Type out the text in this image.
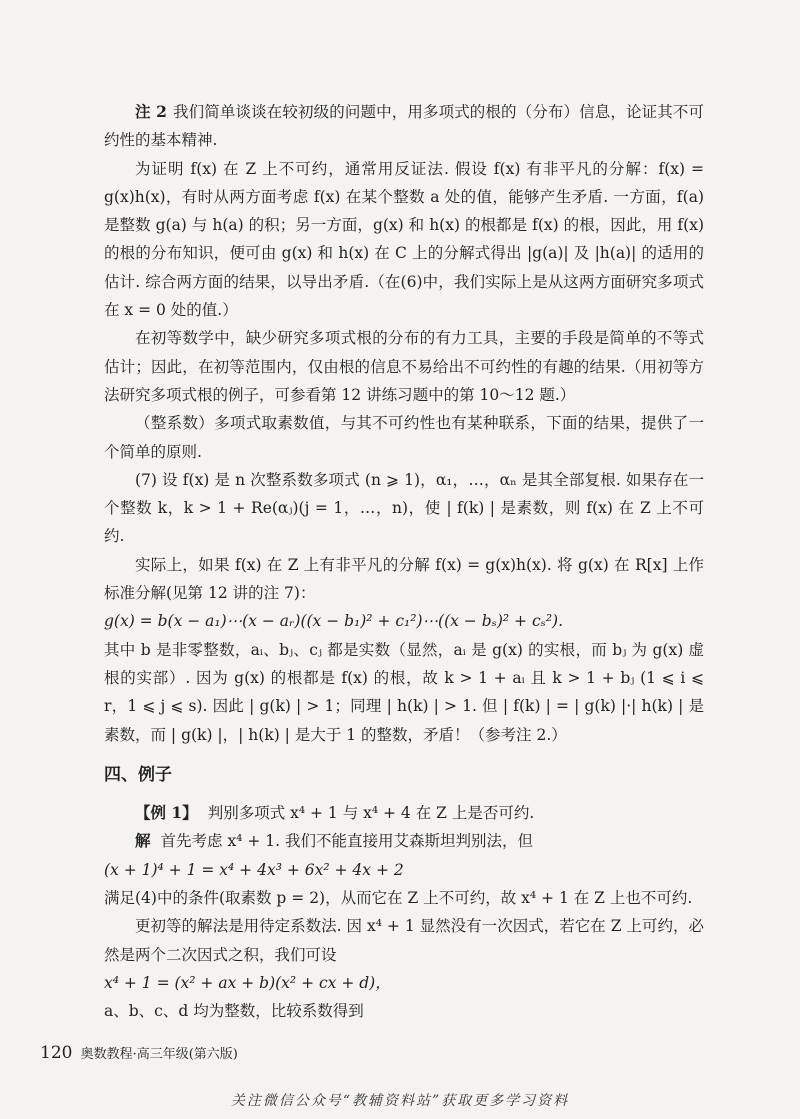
注 2 我们简单谈谈在较初级的问题中，用多项式的根的（分布）信息，论证其不可约性的基本精神.

为证明 f(x) 在 Z 上不可约，通常用反证法. 假设 f(x) 有非平凡的分解：f(x) = g(x)h(x)，有时从两方面考虑 f(x) 在某个整数 a 处的值，能够产生矛盾. 一方面，f(a) 是整数 g(a) 与 h(a) 的积；另一方面，g(x) 和 h(x) 的根都是 f(x) 的根，因此，用 f(x) 的根的分布知识，便可由 g(x) 和 h(x) 在 C 上的分解式得出 |g(a)| 及 |h(a)| 的适用的估计. 综合两方面的结果，以导出矛盾.（在(6)中，我们实际上是从这两方面研究多项式在 x = 0 处的值.）

在初等数学中，缺少研究多项式根的分布的有力工具，主要的手段是简单的不等式估计；因此，在初等范围内，仅由根的信息不易给出不可约性的有趣的结果.（用初等方法研究多项式根的例子，可参看第 12 讲练习题中的第 10～12 题.）

（整系数）多项式取素数值，与其不可约性也有某种联系，下面的结果，提供了一个简单的原则.

(7) 设 f(x) 是 n 次整系数多项式 (n ⩾ 1)，α₁，…，αₙ 是其全部复根. 如果存在一个整数 k，k > 1 + Re(αⱼ)(j = 1，…，n)，使 | f(k) | 是素数，则 f(x) 在 Z 上不可约.

实际上，如果 f(x) 在 Z 上有非平凡的分解 f(x) = g(x)h(x). 将 g(x) 在 R[x] 上作标准分解(见第 12 讲的注 7)：

g(x) = b(x − a₁)⋯(x − aᵣ)((x − b₁)² + c₁²)⋯((x − bₛ)² + cₛ²).

其中 b 是非零整数，aᵢ、bⱼ、cⱼ 都是实数（显然，aᵢ 是 g(x) 的实根，而 bⱼ 为 g(x) 虚根的实部）. 因为 g(x) 的根都是 f(x) 的根，故 k > 1 + aᵢ 且 k > 1 + bⱼ (1 ⩽ i ⩽ r，1 ⩽ j ⩽ s). 因此 | g(k) | > 1；同理 | h(k) | > 1. 但 | f(k) | = | g(k) |·| h(k) | 是素数，而 | g(k) |，| h(k) | 是大于 1 的整数，矛盾！（参考注 2.）

四、例子

【例 1】 判别多项式 x⁴ + 1 与 x⁴ + 4 在 Z 上是否可约.

解 首先考虑 x⁴ + 1. 我们不能直接用艾森斯坦判别法，但

(x + 1)⁴ + 1 = x⁴ + 4x³ + 6x² + 4x + 2

满足(4)中的条件(取素数 p = 2)，从而它在 Z 上不可约，故 x⁴ + 1 在 Z 上也不可约.

更初等的解法是用待定系数法. 因 x⁴ + 1 显然没有一次因式，若它在 Z 上可约，必然是两个二次因式之积，我们可设

x⁴ + 1 = (x² + ax + b)(x² + cx + d)，

a、b、c、d 均为整数，比较系数得到

120 奥数教程·高三年级(第六版)
关注微信公众号“教辅资料站”获取更多学习资料
